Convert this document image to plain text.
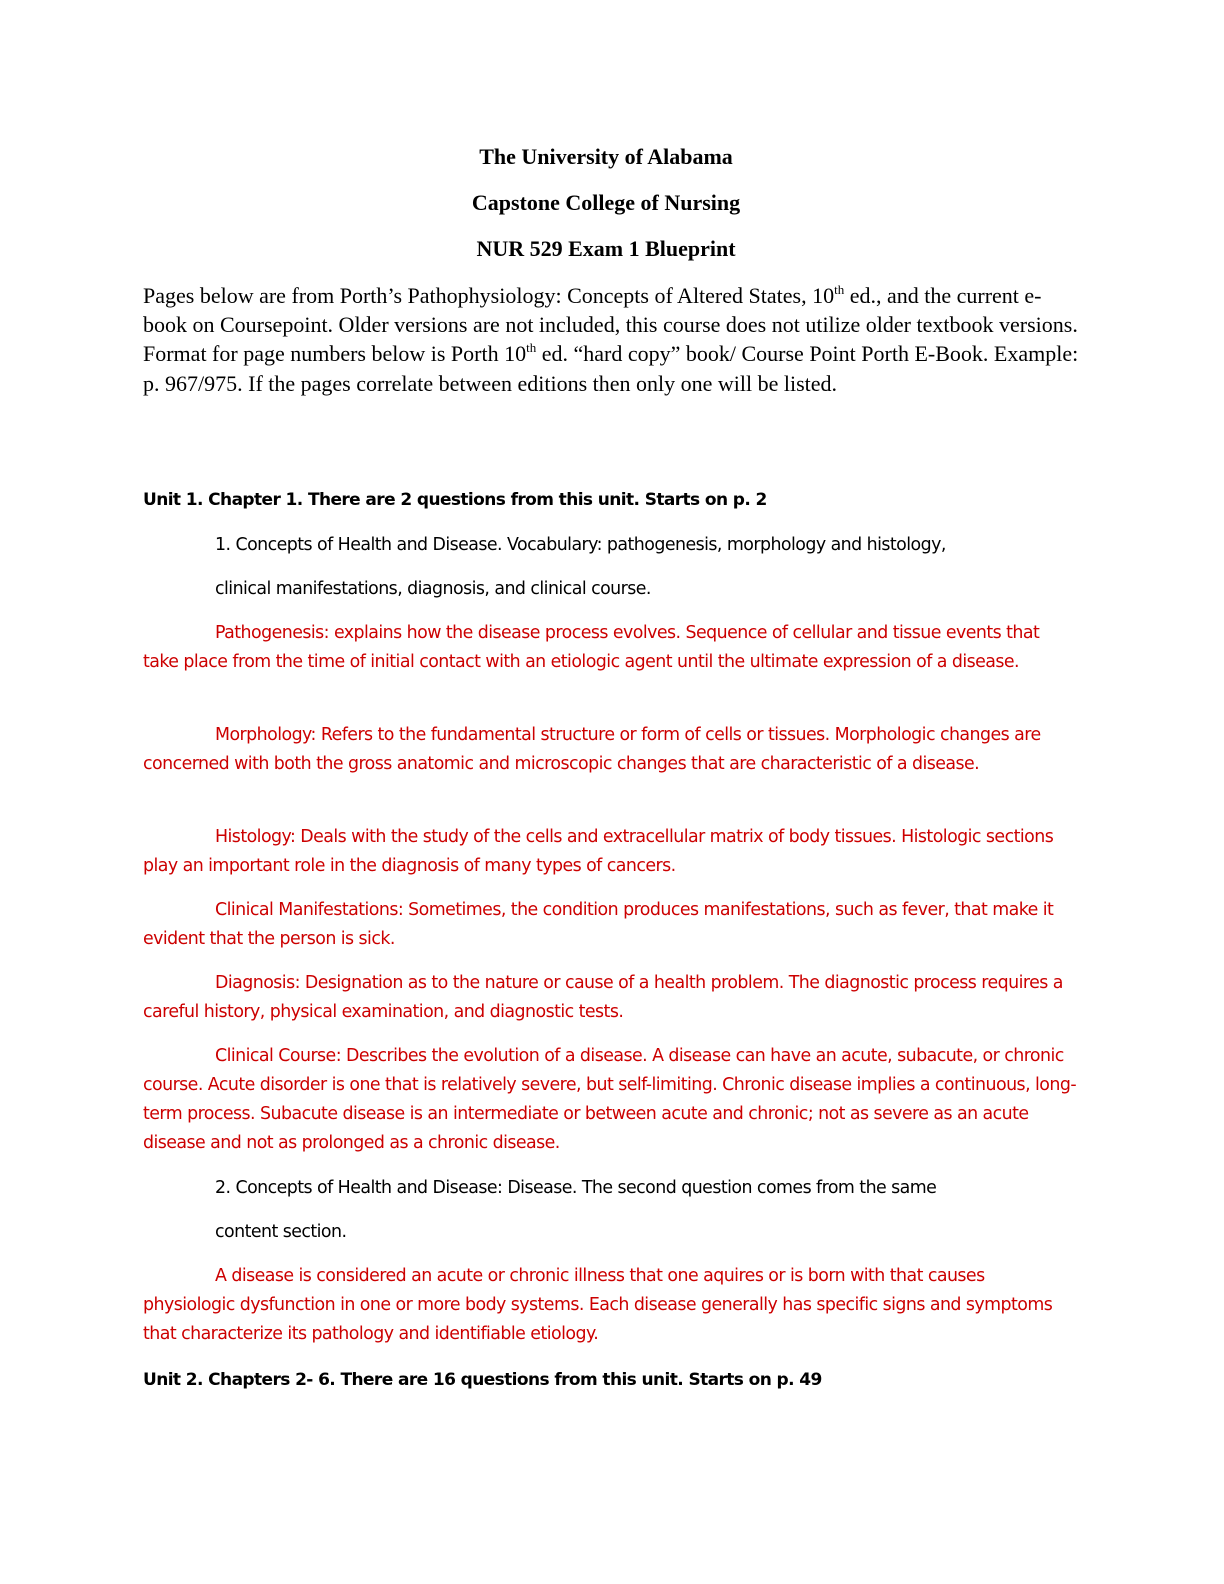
The University of Alabama
Capstone College of Nursing
NUR 529 Exam 1 Blueprint
Pages below are from Porth’s Pathophysiology: Concepts of Altered States, 10th ed., and the current e-book on Coursepoint. Older versions are not included, this course does not utilize older textbook versions. Format for page numbers below is Porth 10th ed. “hard copy” book/ Course Point Porth E-Book. Example: p. 967/975. If the pages correlate between editions then only one will be listed.
Unit 1. Chapter 1. There are 2 questions from this unit. Starts on p. 2
1. Concepts of Health and Disease. Vocabulary: pathogenesis, morphology and histology,
clinical manifestations, diagnosis, and clinical course.
Pathogenesis: explains how the disease process evolves. Sequence of cellular and tissue events that take place from the time of initial contact with an etiologic agent until the ultimate expression of a disease.
Morphology: Refers to the fundamental structure or form of cells or tissues. Morphologic changes are concerned with both the gross anatomic and microscopic changes that are characteristic of a disease.
Histology: Deals with the study of the cells and extracellular matrix of body tissues. Histologic sections play an important role in the diagnosis of many types of cancers.
Clinical Manifestations: Sometimes, the condition produces manifestations, such as fever, that make it evident that the person is sick.
Diagnosis: Designation as to the nature or cause of a health problem. The diagnostic process requires a careful history, physical examination, and diagnostic tests.
Clinical Course: Describes the evolution of a disease. A disease can have an acute, subacute, or chronic course. Acute disorder is one that is relatively severe, but self-limiting. Chronic disease implies a continuous, long-term process. Subacute disease is an intermediate or between acute and chronic; not as severe as an acute disease and not as prolonged as a chronic disease.
2. Concepts of Health and Disease: Disease. The second question comes from the same
content section.
A disease is considered an acute or chronic illness that one aquires or is born with that causes physiologic dysfunction in one or more body systems. Each disease generally has specific signs and symptoms that characterize its pathology and identifiable etiology.
Unit 2. Chapters 2- 6. There are 16 questions from this unit. Starts on p. 49
